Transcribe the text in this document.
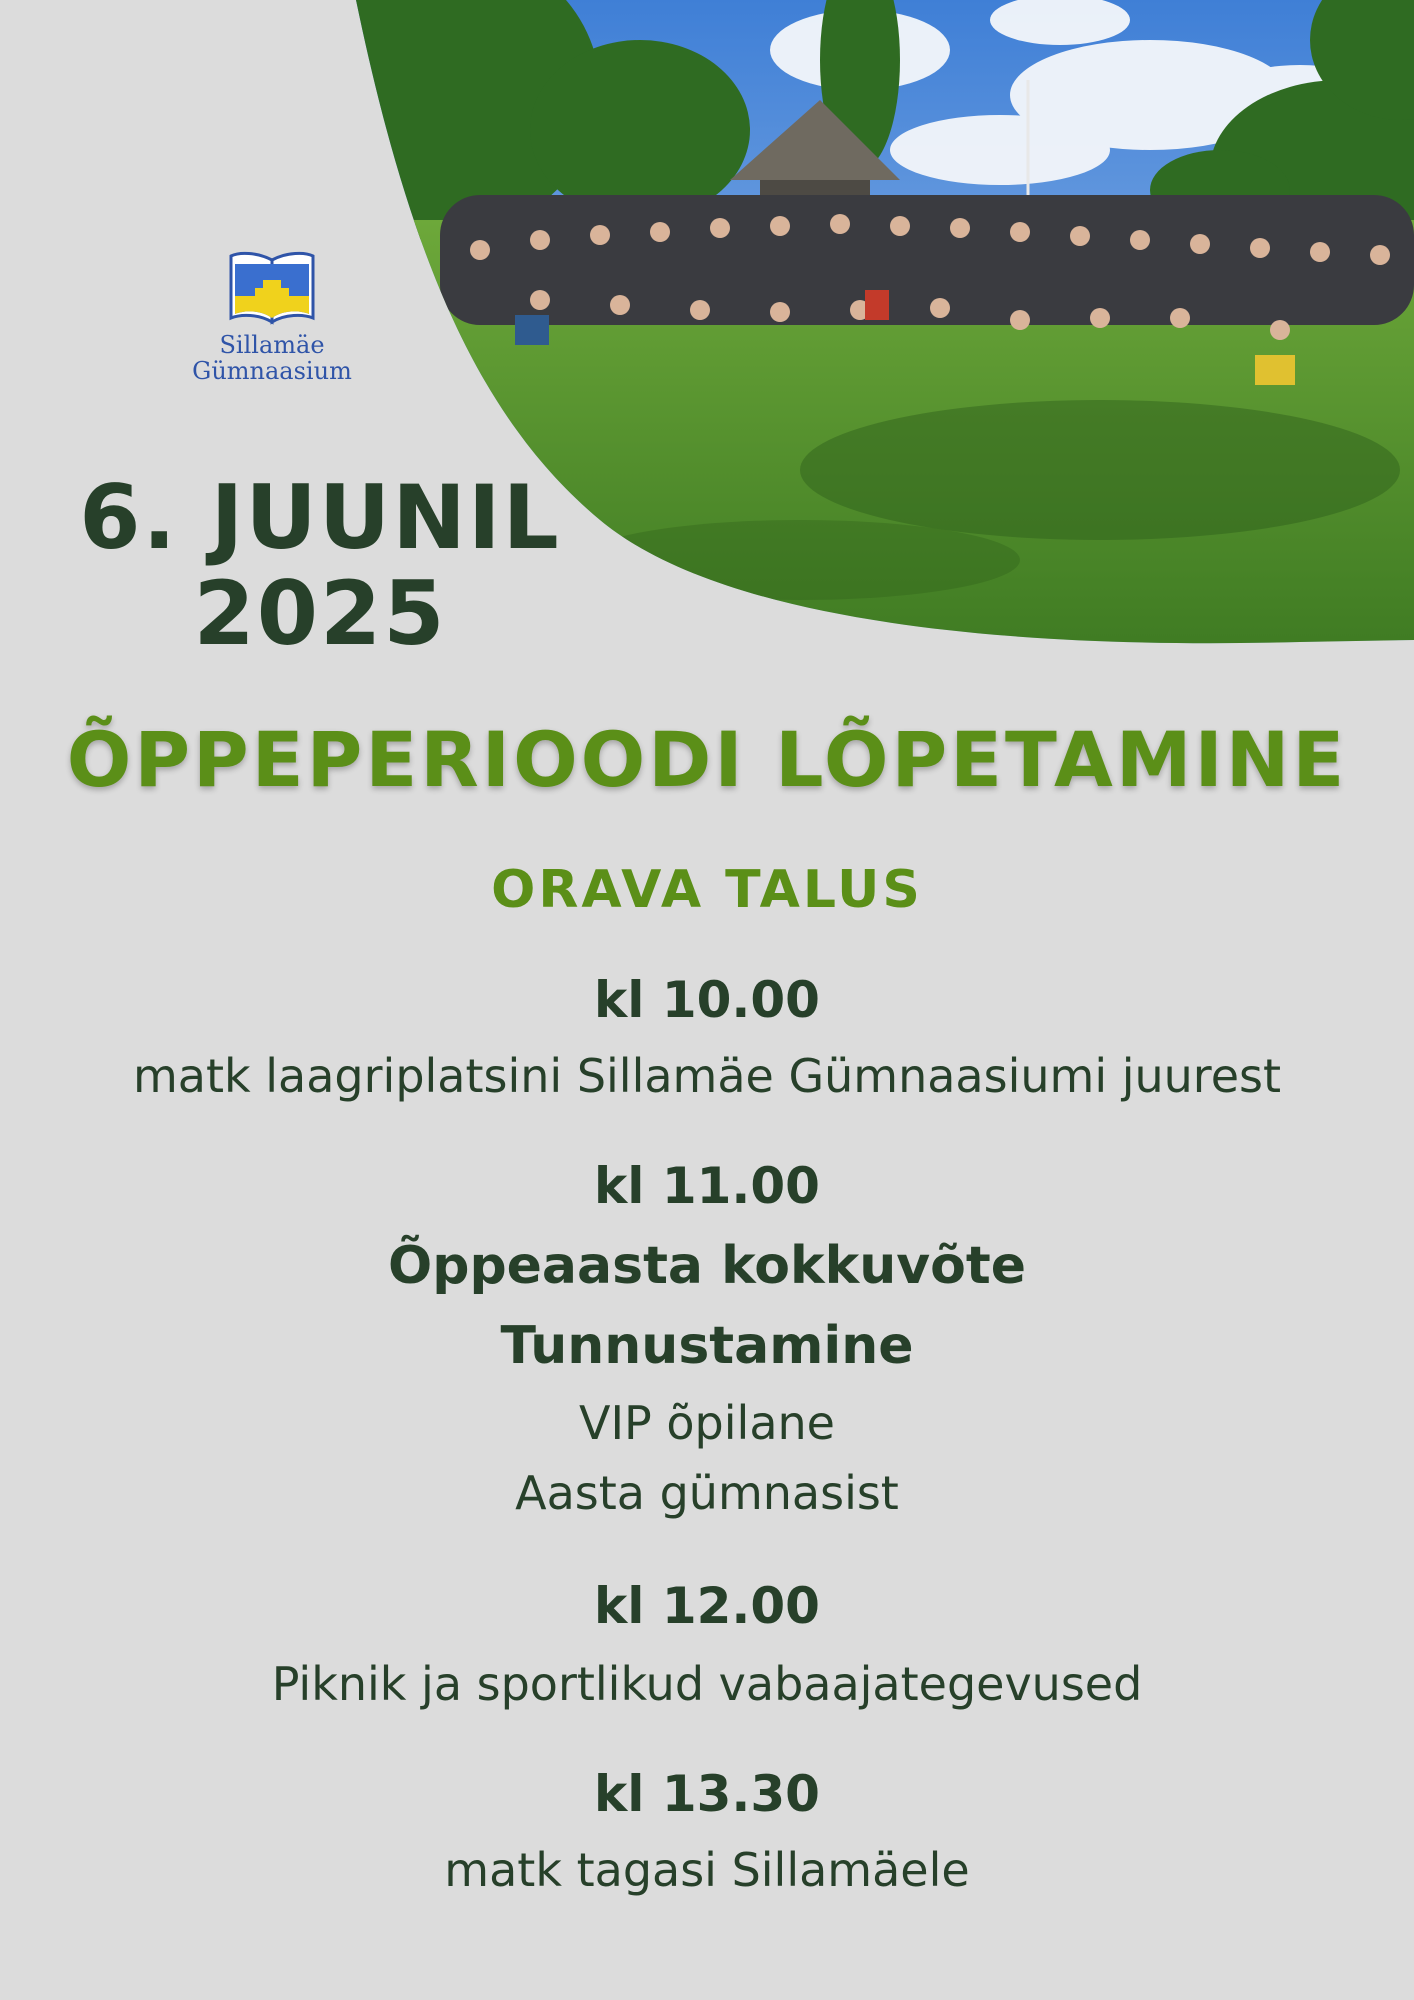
Sillamäe
Gümnaasium
6. JUUNIL
2025
ÕPPEPERIOODI LÕPETAMINE
ORAVA TALUS
kl 10.00
matk laagriplatsini Sillamäe Gümnaasiumi juurest
kl 11.00
Õppeaasta kokkuvõte
Tunnustamine
VIP õpilane
Aasta gümnasist
kl 12.00
Piknik ja sportlikud vabaajategevused
kl 13.30
matk tagasi Sillamäele
